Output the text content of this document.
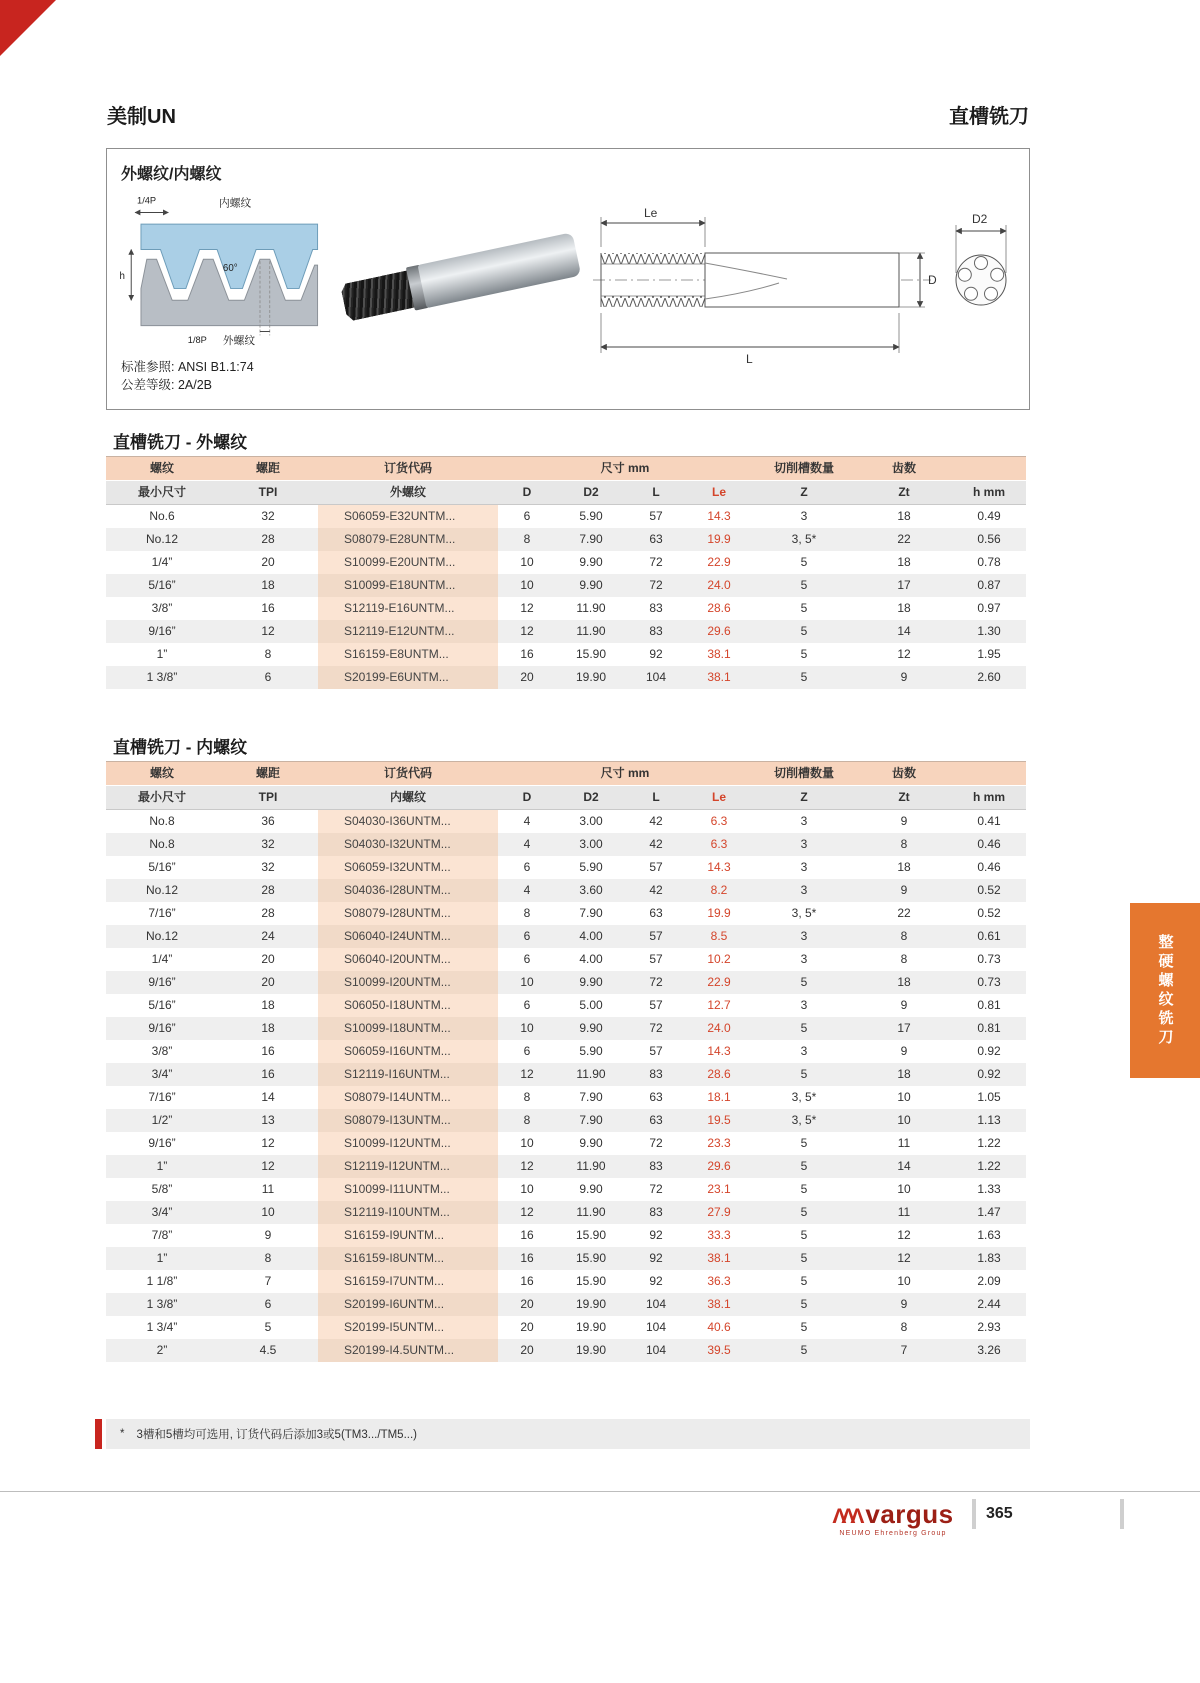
美制UN	直槽铣刀
外螺纹/内螺纹
1/4P	内螺纹
60°
h
1/8P 外螺纹
Le
L
D
D2
标准参照: ANSI B1.1:74
公差等级: 2A/2B
直槽铣刀 - 外螺纹
螺纹	螺距	订货代码	尺寸 mm				切削槽数量	齿数	
最小尺寸	TPI	外螺纹	D	D2	L	Le	Z	Zt	h mm
No.6	32	S06059-E32UNTM...	6	5.90	57	14.3	3	18	0.49
No.12	28	S08079-E28UNTM...	8	7.90	63	19.9	3, 5*	22	0.56
1/4”	20	S10099-E20UNTM...	10	9.90	72	22.9	5	18	0.78
5/16”	18	S10099-E18UNTM...	10	9.90	72	24.0	5	17	0.87
3/8”	16	S12119-E16UNTM...	12	11.90	83	28.6	5	18	0.97
9/16”	12	S12119-E12UNTM...	12	11.90	83	29.6	5	14	1.30
1”	8	S16159-E8UNTM...	16	15.90	92	38.1	5	12	1.95
1 3/8”	6	S20199-E6UNTM...	20	19.90	104	38.1	5	9	2.60
直槽铣刀 - 内螺纹
螺纹	螺距	订货代码	尺寸 mm				切削槽数量	齿数	
最小尺寸	TPI	内螺纹	D	D2	L	Le	Z	Zt	h mm
No.8	36	S04030-I36UNTM...	4	3.00	42	6.3	3	9	0.41
No.8	32	S04030-I32UNTM...	4	3.00	42	6.3	3	8	0.46
5/16”	32	S06059-I32UNTM...	6	5.90	57	14.3	3	18	0.46
No.12	28	S04036-I28UNTM...	4	3.60	42	8.2	3	9	0.52
7/16”	28	S08079-I28UNTM...	8	7.90	63	19.9	3, 5*	22	0.52
No.12	24	S06040-I24UNTM...	6	4.00	57	8.5	3	8	0.61
1/4”	20	S06040-I20UNTM...	6	4.00	57	10.2	3	8	0.73
9/16”	20	S10099-I20UNTM...	10	9.90	72	22.9	5	18	0.73
5/16”	18	S06050-I18UNTM...	6	5.00	57	12.7	3	9	0.81
9/16”	18	S10099-I18UNTM...	10	9.90	72	24.0	5	17	0.81
3/8”	16	S06059-I16UNTM...	6	5.90	57	14.3	3	9	0.92
3/4”	16	S12119-I16UNTM...	12	11.90	83	28.6	5	18	0.92
7/16”	14	S08079-I14UNTM...	8	7.90	63	18.1	3, 5*	10	1.05
1/2”	13	S08079-I13UNTM...	8	7.90	63	19.5	3, 5*	10	1.13
9/16”	12	S10099-I12UNTM...	10	9.90	72	23.3	5	11	1.22
1”	12	S12119-I12UNTM...	12	11.90	83	29.6	5	14	1.22
5/8”	11	S10099-I11UNTM...	10	9.90	72	23.1	5	10	1.33
3/4”	10	S12119-I10UNTM...	12	11.90	83	27.9	5	11	1.47
7/8”	9	S16159-I9UNTM...	16	15.90	92	33.3	5	12	1.63
1”	8	S16159-I8UNTM...	16	15.90	92	38.1	5	12	1.83
1 1/8”	7	S16159-I7UNTM...	16	15.90	92	36.3	5	10	2.09
1 3/8”	6	S20199-I6UNTM...	20	19.90	104	38.1	5	9	2.44
1 3/4”	5	S20199-I5UNTM...	20	19.90	104	40.6	5	8	2.93
2”	4.5	S20199-I4.5UNTM...	20	19.90	104	39.5	5	7	3.26
* 3槽和5槽均可选用, 订货代码后添加3或5(TM3.../TM5...)
ΛΛΛ vargus
NEUMO Ehrenberg Group
365
整硬螺纹铣刀
